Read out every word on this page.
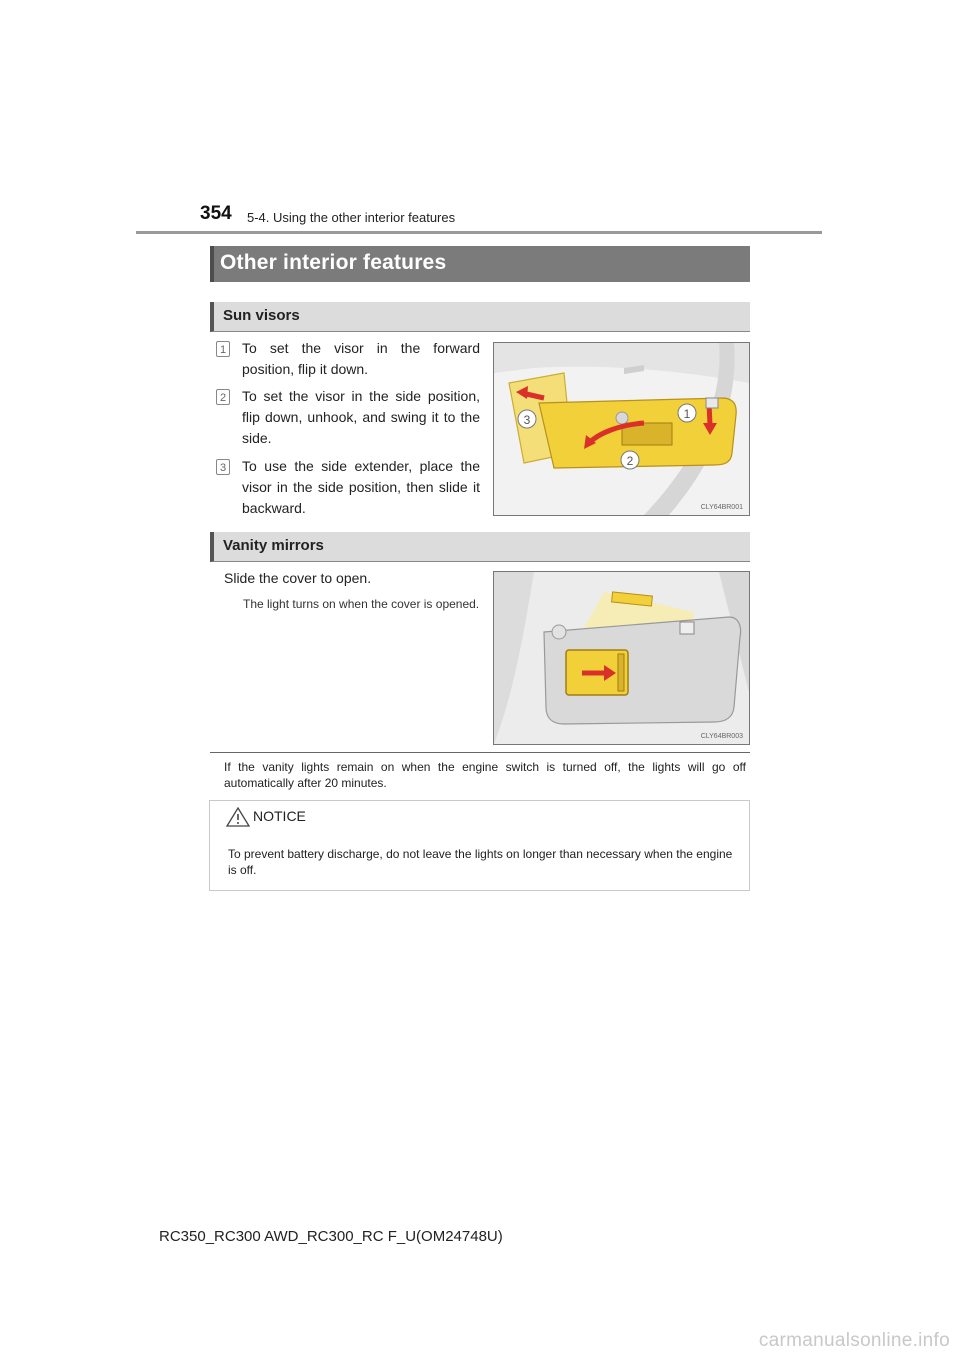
354 5-4. Using the other interior features
Other interior features
Sun visors
1 To set the visor in the forward position, flip it down.
2 To set the visor in the side position, flip down, unhook, and swing it to the side.
3 To use the side extender, place the visor in the side position, then slide it backward.
1
2
3
CLY64BR001
Vanity mirrors
Slide the cover to open.
The light turns on when the cover is opened.
CLY64BR003
If the vanity lights remain on when the engine switch is turned off, the lights will go off automatically after 20 minutes.
NOTICE
To prevent battery discharge, do not leave the lights on longer than necessary when the engine is off.
RC350_RC300 AWD_RC300_RC F_U(OM24748U)
carmanualsonline.info
